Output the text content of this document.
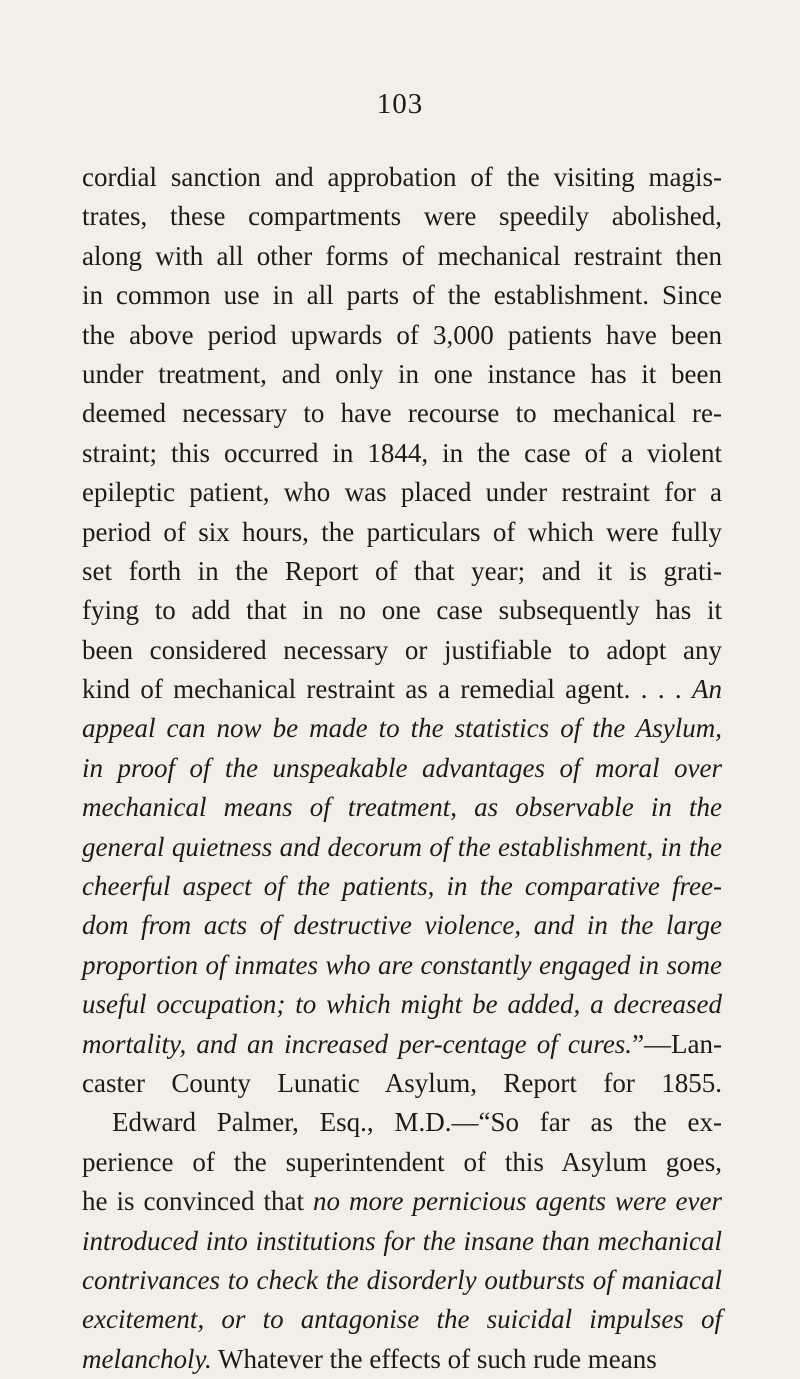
103
cordial sanction and approbation of the visiting magis-
trates, these compartments were speedily abolished,
along with all other forms of mechanical restraint then
in common use in all parts of the establishment. Since
the above period upwards of 3,000 patients have been
under treatment, and only in one instance has it been
deemed necessary to have recourse to mechanical re-
straint; this occurred in 1844, in the case of a violent
epileptic patient, who was placed under restraint for a
period of six hours, the particulars of which were fully
set forth in the Report of that year; and it is grati-
fying to add that in no one case subsequently has it
been considered necessary or justifiable to adopt any
kind of mechanical restraint as a remedial agent. . . . An
appeal can now be made to the statistics of the Asylum,
in proof of the unspeakable advantages of moral over
mechanical means of treatment, as observable in the
general quietness and decorum of the establishment, in the
cheerful aspect of the patients, in the comparative free-
dom from acts of destructive violence, and in the large
proportion of inmates who are constantly engaged in some
useful occupation; to which might be added, a decreased
mortality, and an increased per-centage of cures.”—Lan-
caster County Lunatic Asylum, Report for 1855.
Edward Palmer, Esq., M.D.—“So far as the ex-
perience of the superintendent of this Asylum goes,
he is convinced that no more pernicious agents were ever
introduced into institutions for the insane than mechanical
contrivances to check the disorderly outbursts of maniacal
excitement, or to antagonise the suicidal impulses of
melancholy. Whatever the effects of such rude means
